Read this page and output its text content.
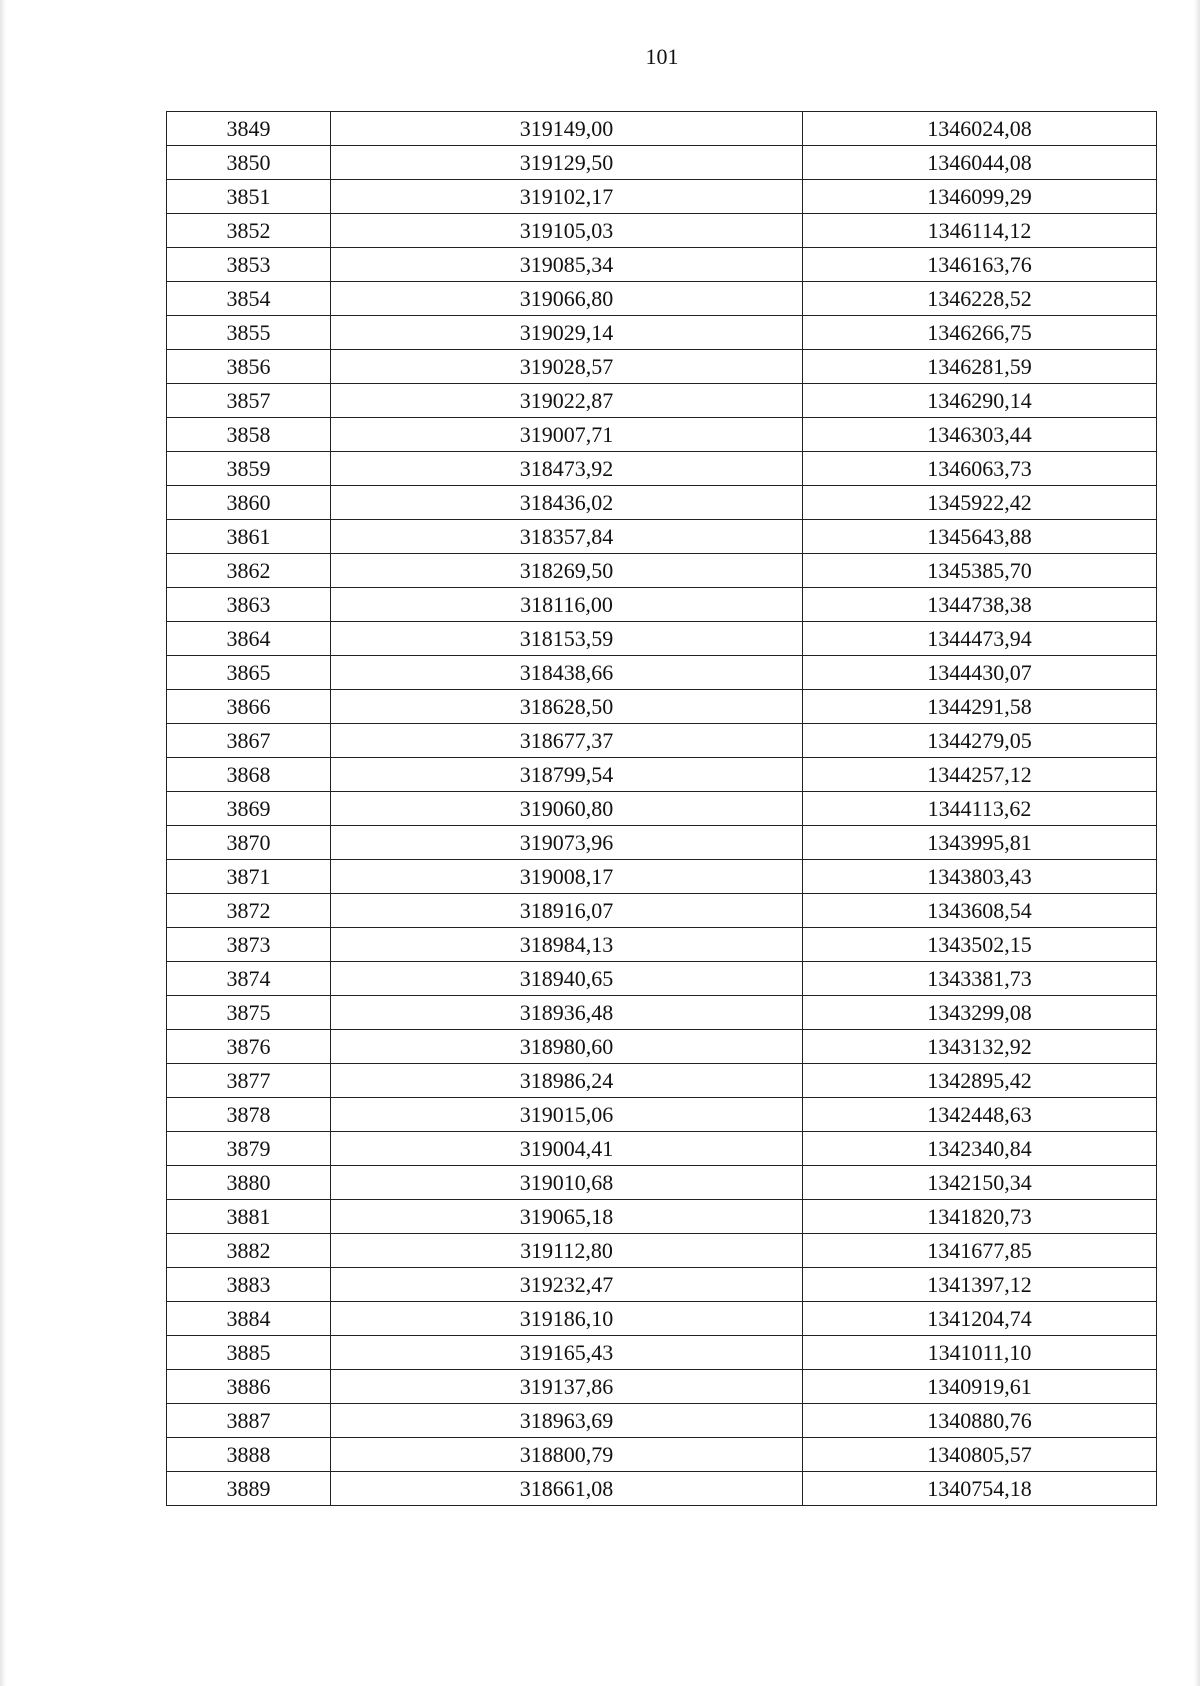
101
3849	319149,00	1346024,08
3850	319129,50	1346044,08
3851	319102,17	1346099,29
3852	319105,03	1346114,12
3853	319085,34	1346163,76
3854	319066,80	1346228,52
3855	319029,14	1346266,75
3856	319028,57	1346281,59
3857	319022,87	1346290,14
3858	319007,71	1346303,44
3859	318473,92	1346063,73
3860	318436,02	1345922,42
3861	318357,84	1345643,88
3862	318269,50	1345385,70
3863	318116,00	1344738,38
3864	318153,59	1344473,94
3865	318438,66	1344430,07
3866	318628,50	1344291,58
3867	318677,37	1344279,05
3868	318799,54	1344257,12
3869	319060,80	1344113,62
3870	319073,96	1343995,81
3871	319008,17	1343803,43
3872	318916,07	1343608,54
3873	318984,13	1343502,15
3874	318940,65	1343381,73
3875	318936,48	1343299,08
3876	318980,60	1343132,92
3877	318986,24	1342895,42
3878	319015,06	1342448,63
3879	319004,41	1342340,84
3880	319010,68	1342150,34
3881	319065,18	1341820,73
3882	319112,80	1341677,85
3883	319232,47	1341397,12
3884	319186,10	1341204,74
3885	319165,43	1341011,10
3886	319137,86	1340919,61
3887	318963,69	1340880,76
3888	318800,79	1340805,57
3889	318661,08	1340754,18
